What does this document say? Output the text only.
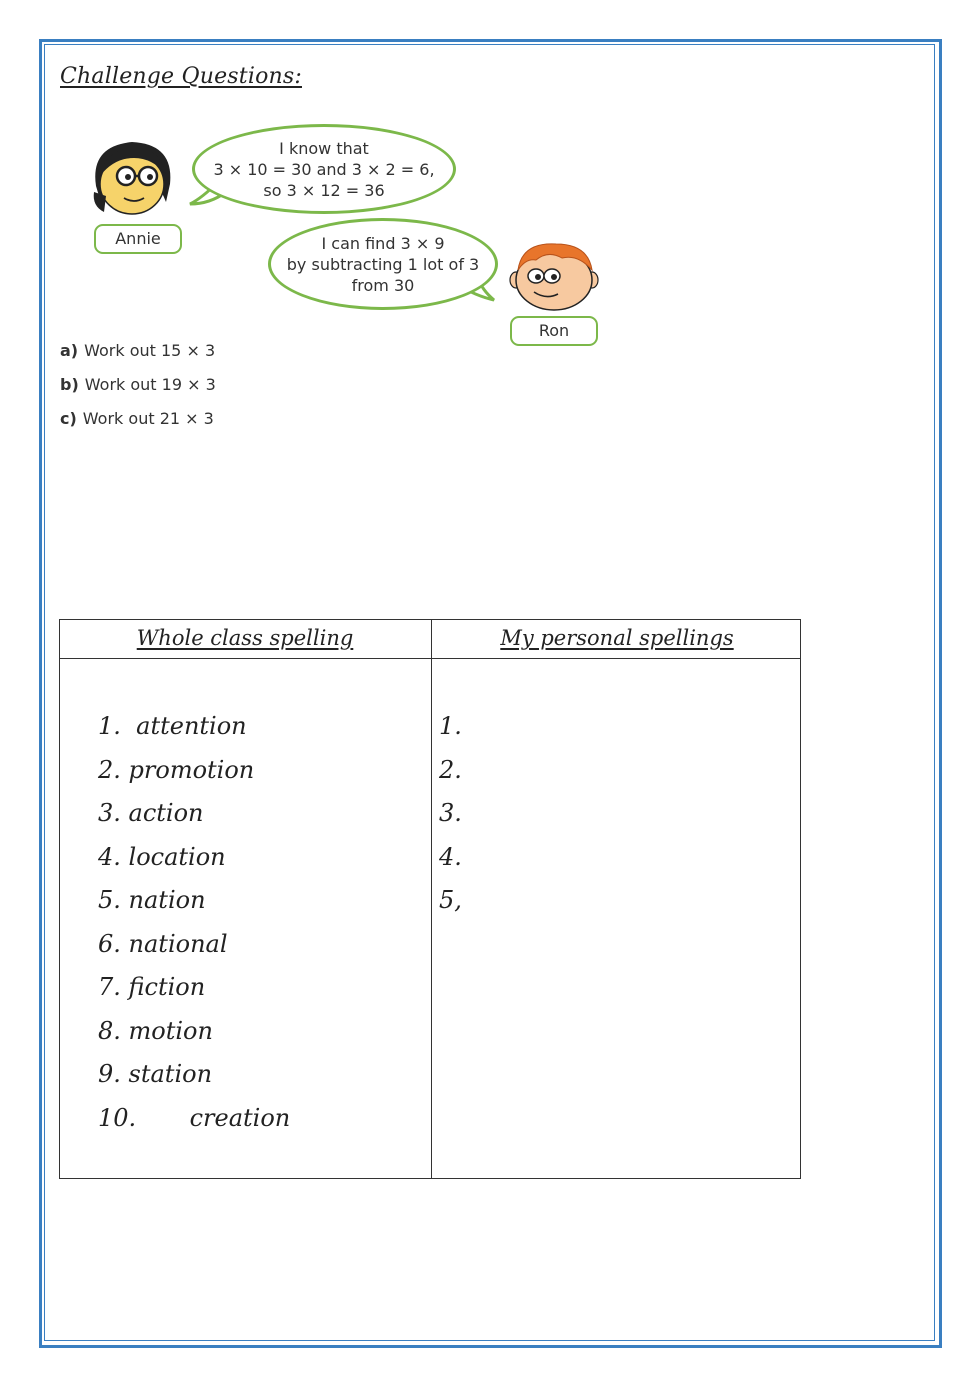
Challenge Questions:
I know that
3 × 10 = 30 and 3 × 2 = 6,
so 3 × 12 = 36
Annie	I can find 3 × 9
by subtracting 1 lot of 3
from 30
Ron
a) Work out 15 × 3
b) Work out 19 × 3
c) Work out 21 × 3
Whole class spelling	My personal spellings
1.  attention
2. promotion
3. action
4. location
5. nation
6. national
7. fiction
8. motion
9. station
10.       creation
1.
2.
3.
4.
5,
